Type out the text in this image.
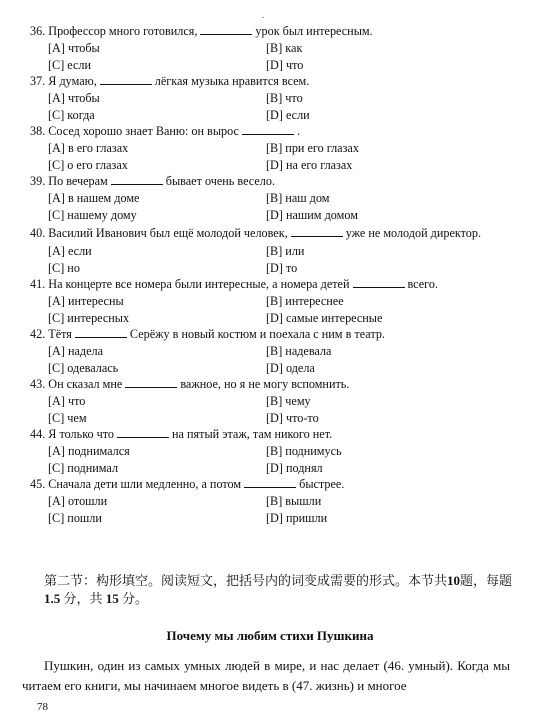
.
36. Профессор много готовился,	урок был интересным.
[A] чтобы	[B] как
[C] если	[D] что
37. Я думаю,	лёгкая музыка нравится всем.
[A] чтобы	[B] что
[C] когда	[D] если
38. Сосед хорошо знает Ваню: он вырос	.
[A] в его глазах	[B] при его глазах
[C] о его глазах	[D] на его глазах
39. По вечерам	бывает очень весело.
[A] в нашем доме	[B] наш дом
[C] нашему дому	[D] нашим домом
40. Василий Иванович был ещё молодой человек,	уже не молодой директор.
[A] если	[B] или
[C] но	[D] то
41. На концерте все номера были интересные, а номера детей	всего.
[A] интересны	[B] интереснее
[C] интересных	[D] самые интересные
42. Тётя	Серёжу в новый костюм и поехала с ним в театр.
[A] надела	[B] надевала
[C] одевалась	[D] одела
43. Он сказал мне	важное, но я не могу вспомнить.
[A] что	[B] чему
[C] чем	[D] что-то
44. Я только что	на пятый этаж, там никого нет.
[A] поднимался	[B] поднимусь
[C] поднимал	[D] поднял
45. Сначала дети шли медленно, а потом	быстрее.
[A] отошли	[B] вышли
[C] пошли	[D] пришли
第二节：构形填空。阅读短文，把括号内的词变成需要的形式。本节共10题，每题 1.5 分，共 15 分。
Почему мы любим стихи Пушкина
Пушкин, один из самых умных людей в мире, и нас делает (46. умный). Когда мы читаем его книги, мы начинаем многое видеть в (47. жизнь) и многое
78
